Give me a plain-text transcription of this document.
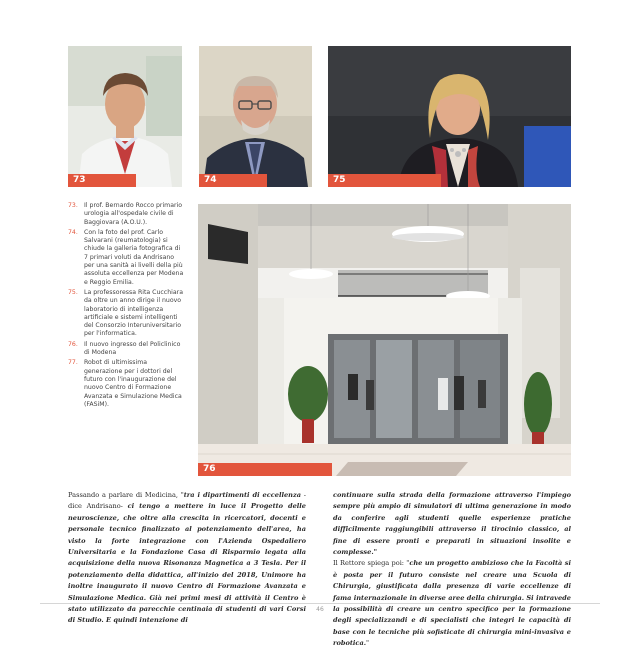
73	74	75
73. Il prof. Bernardo Rocco primario urologia all'ospedale civile di Baggiovara (A.O.U.).
74. Con la foto del prof. Carlo Salvarani (reumatologia) si chiude la galleria fotografica di 7 primari voluti da Andrisano per una sanità ai livelli della più assoluta eccellenza per Modena e Reggio Emilia.
75. La professoressa Rita Cucchiara da oltre un anno dirige il nuovo laboratorio di intelligenza artificiale e sistemi intelligenti del Consorzio Interuniversitario per l'informatica.
76. Il nuovo ingresso del Policlinico di Modena
77. Robot di ultimissima generazione per i dottori del futuro con l'inaugurazione del nuovo Centro di Formazione Avanzata e Simulazione Medica (FASiM).
76

Passando a parlare di Medicina, "tra i dipartimenti di eccellenza -dice Andrisano- ci tengo a mettere in luce il Progetto delle neuroscienze, che oltre alla crescita in ricercatori, docenti e personale tecnico finalizzato al potenziamento dell'area, ha visto la forte integrazione con l'Azienda Ospedaliero Universitaria e la Fondazione Casa di Risparmio legata alla acquisizione della nuova Risonanza Magnetica a 3 Tesla. Per il potenziamento della didattica, all'inizio del 2018, Unimore ha inoltre inaugurato il nuovo Centro di Formazione Avanzata e Simulazione Medica. Già nei primi mesi di attività il Centro è stato utilizzato da parecchie centinaia di studenti di vari Corsi di Studio. E quindi intenzione di

continuare sulla strada della formazione attraverso l'impiego sempre più ampio di simulatori di ultima generazione in modo da conferire agli studenti quelle esperienze pratiche difficilmente raggiungibili attraverso il tirocinio classico, al fine di essere pronti e preparati in situazioni insolite e complesse."

Il Rettore spiega poi: "che un progetto ambizioso che la Facoltà si è posta per il futuro consiste nel creare una Scuola di Chirurgia, giustificata dalla presenza di varie eccellenze di fama internazionale in diverse aree della chirurgia. Si intravede la possibilità di creare un centro specifico per la formazione degli specializzandi e di specialisti che integri le capacità di base con le tecniche più sofisticate di chirurgia mini-invasiva e robotica."

46
